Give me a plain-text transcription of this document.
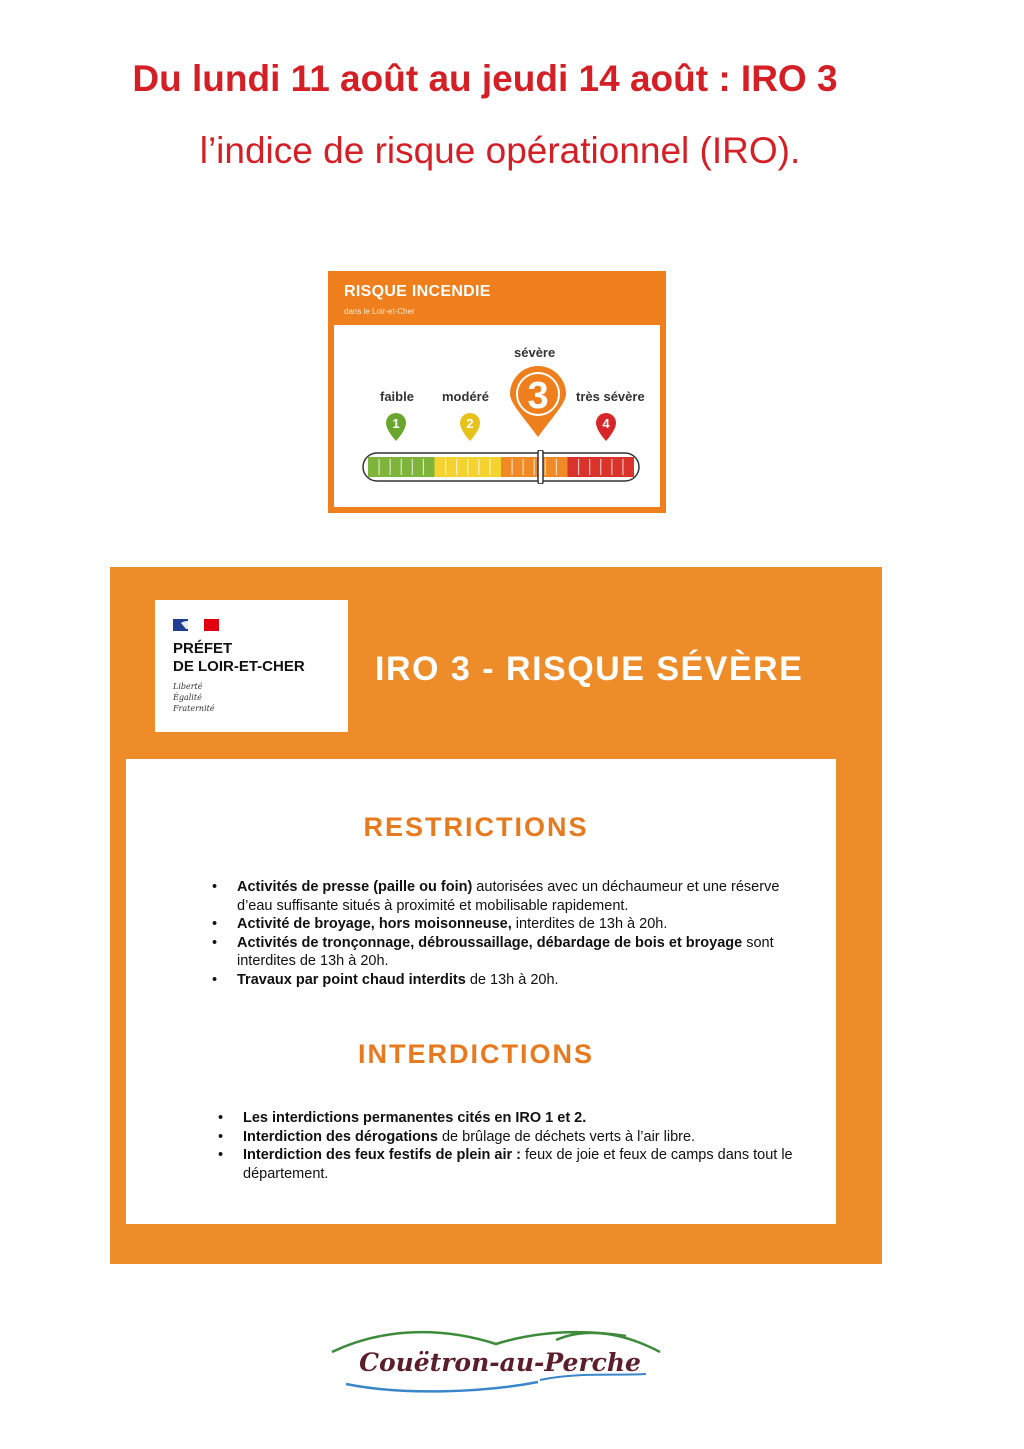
Du lundi 11 août au jeudi 14 août : IRO 3
l’indice de risque opérationnel (IRO).
RISQUE INCENDIE
dans le Loir-et-Cher
faible modéré
sévère
très sévère
1	2
3
4
PRÉFET
DE LOIR-ET-CHER
Liberté
Égalité
Fraternité
IRO 3 - RISQUE SÉVÈRE
RESTRICTIONS
• Activités de presse (paille ou foin) autorisées avec un déchaumeur et une réserve d’eau suffisante situés à proximité et mobilisable rapidement.
• Activité de broyage, hors moisonneuse, interdites de 13h à 20h.
• Activités de tronçonnage, débroussaillage, débardage de bois et broyage sont interdites de 13h à 20h.
• Travaux par point chaud interdits de 13h à 20h.
INTERDICTIONS
• Les interdictions permanentes cités en IRO 1 et 2.
• Interdiction des dérogations de brûlage de déchets verts à l’air libre.
• Interdiction des feux festifs de plein air : feux de joie et feux de camps dans tout le département.
Couëtron-au-Perche
